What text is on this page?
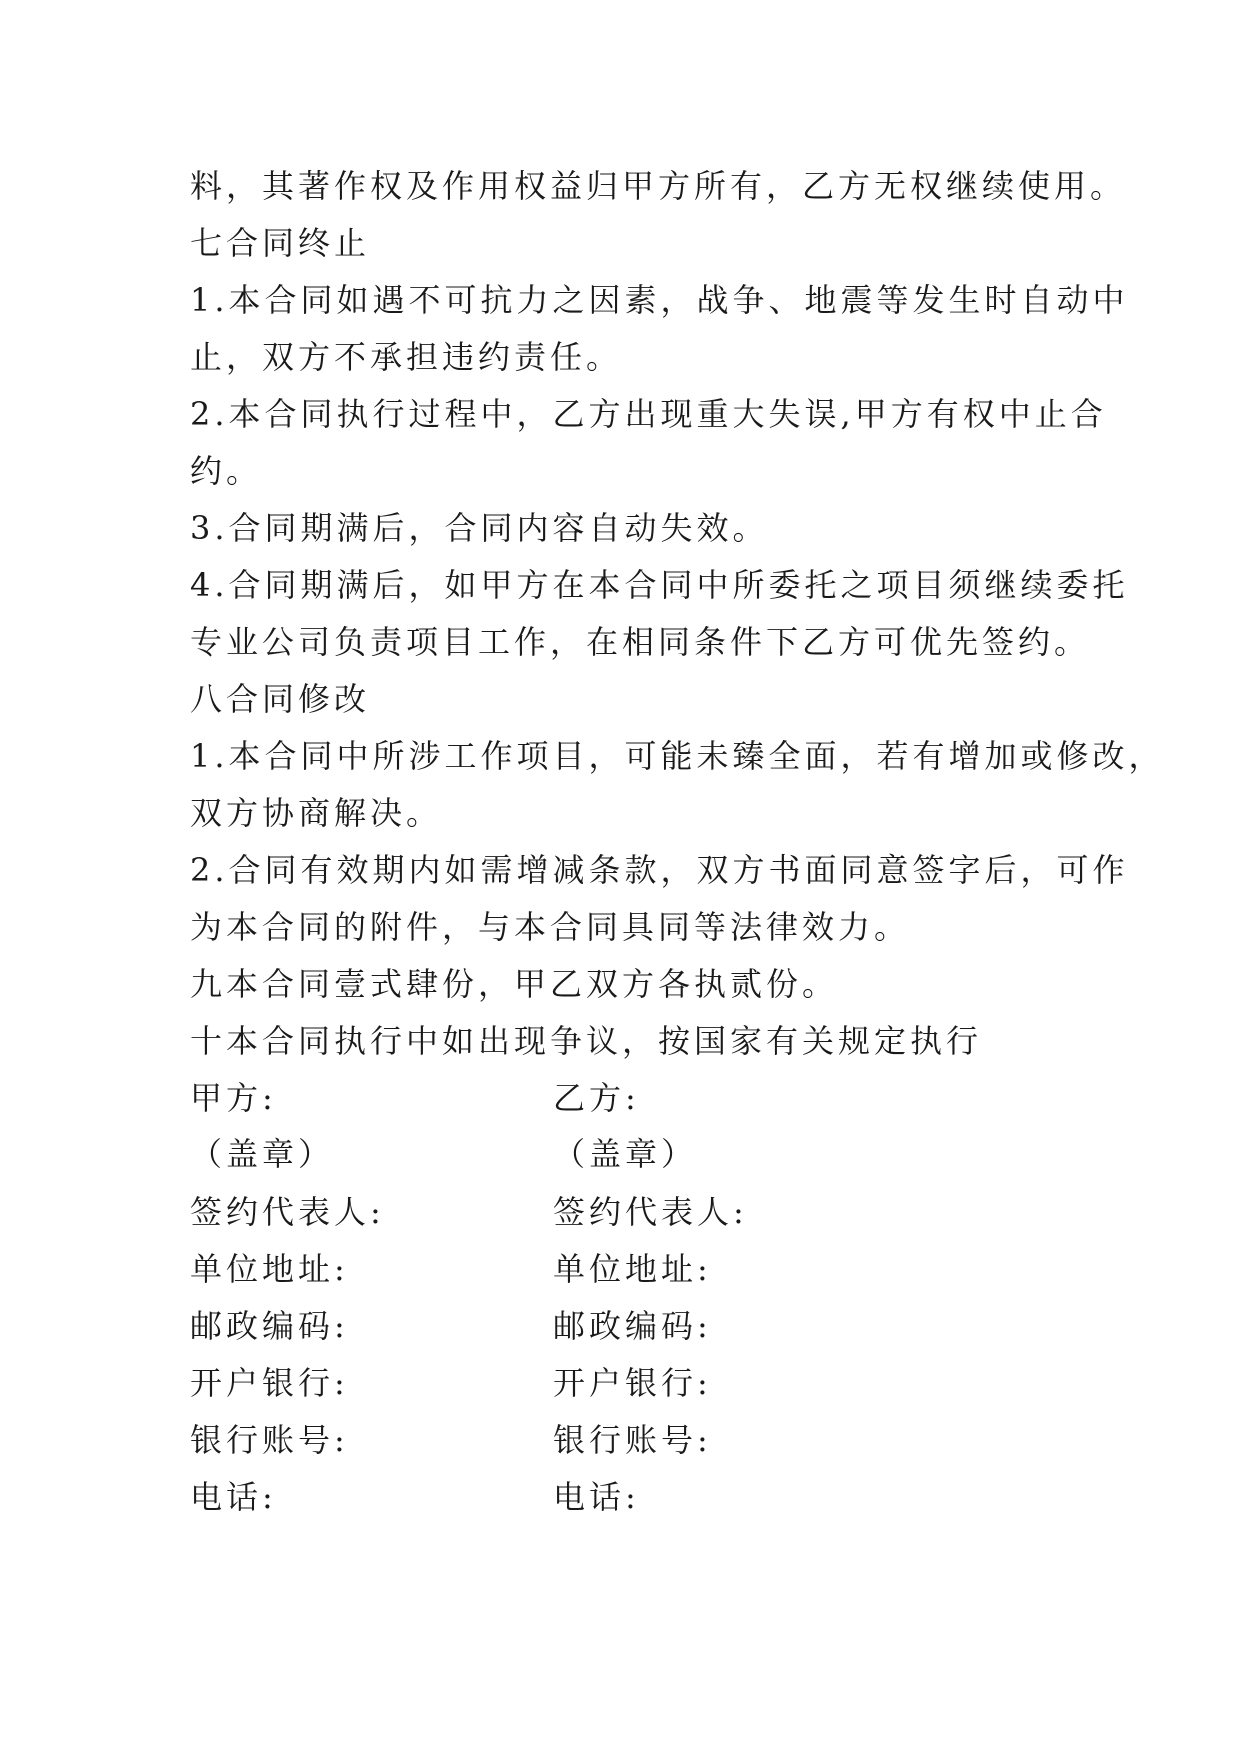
料，其著作权及作用权益归甲方所有，乙方无权继续使用。
七合同终止
1.本合同如遇不可抗力之因素，战争、地震等发生时自动中
止，双方不承担违约责任。
2.本合同执行过程中，乙方出现重大失误,甲方有权中止合
约。
3.合同期满后，合同内容自动失效。
4.合同期满后，如甲方在本合同中所委托之项目须继续委托
专业公司负责项目工作，在相同条件下乙方可优先签约。
八合同修改
1.本合同中所涉工作项目，可能未臻全面，若有增加或修改，
双方协商解决。
2.合同有效期内如需增减条款，双方书面同意签字后，可作
为本合同的附件，与本合同具同等法律效力。
九本合同壹式肆份，甲乙双方各执贰份。
十本合同执行中如出现争议，按国家有关规定执行
甲方:	乙方:
（盖章）	（盖章）
签约代表人:	签约代表人:
单位地址:	单位地址:
邮政编码:	邮政编码:
开户银行:	开户银行:
银行账号:	银行账号:
电话:	电话:
